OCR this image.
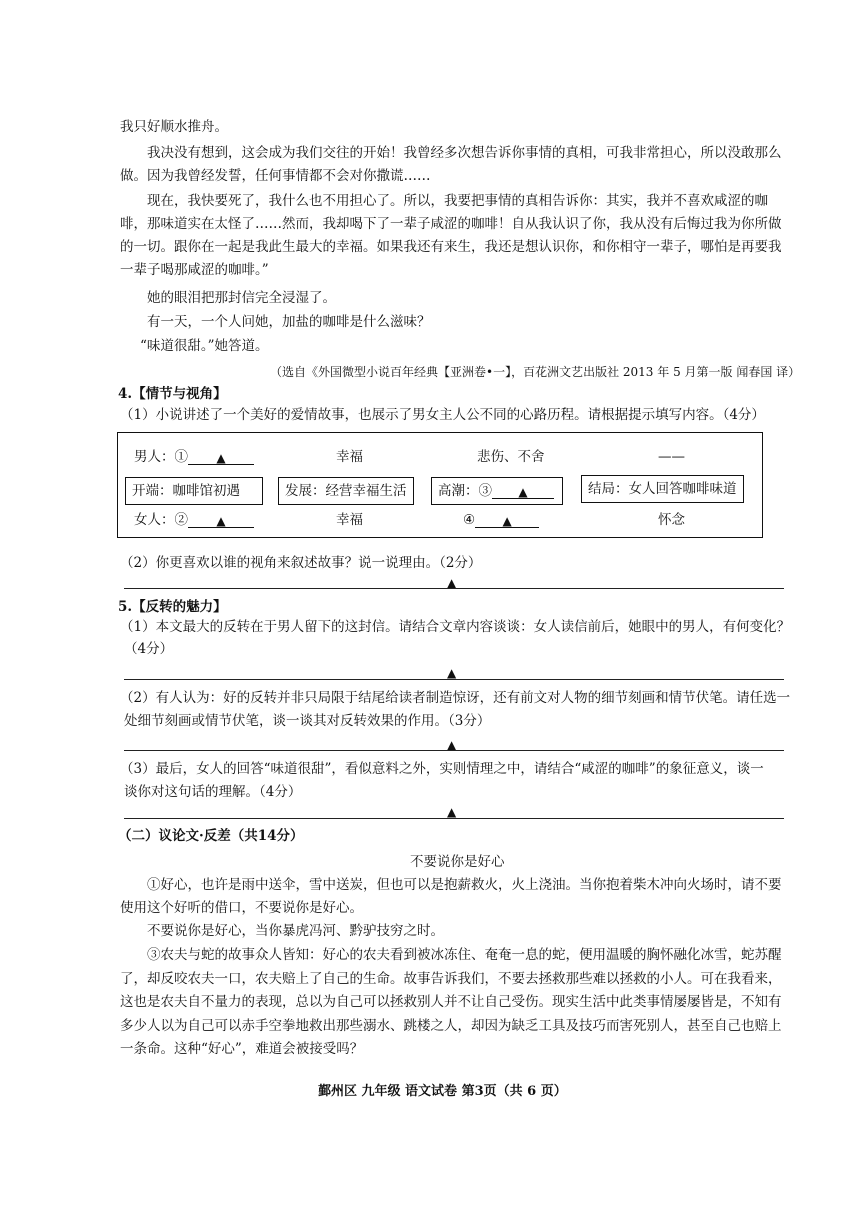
我只好顺水推舟。
我决没有想到，这会成为我们交往的开始！我曾经多次想告诉你事情的真相，可我非常担心，所以没敢那么做。因为我曾经发誓，任何事情都不会对你撒谎……
现在，我快要死了，我什么也不用担心了。所以，我要把事情的真相告诉你：其实，我并不喜欢咸涩的咖啡，那味道实在太怪了……然而，我却喝下了一辈子咸涩的咖啡！自从我认识了你，我从没有后悔过我为你所做的一切。跟你在一起是我此生最大的幸福。如果我还有来生，我还是想认识你，和你相守一辈子，哪怕是再要我一辈子喝那咸涩的咖啡。”
她的眼泪把那封信完全浸湿了。
有一天，一个人问她，加盐的咖啡是什么滋味？
“味道很甜。”她答道。
（选自《外国微型小说百年经典【亚洲卷•一】，百花洲文艺出版社 2013 年 5 月第一版 闻春国 译）
4.【情节与视角】
（1）小说讲述了一个美好的爱情故事，也展示了男女主人公不同的心路历程。请根据提示填写内容。（4分）
男人：① ▲	幸福	悲伤、不舍	——
开端：咖啡馆初遇	发展：经营幸福生活	高潮：③ ▲	结局：女人回答咖啡味道
女人：② ▲	幸福	④ ▲	怀念
（2）你更喜欢以谁的视角来叙述故事？说一说理由。（2分）
▲
5.【反转的魅力】
（1）本文最大的反转在于男人留下的这封信。请结合文章内容谈谈：女人读信前后，她眼中的男人，有何变化？
（4分）
▲
（2）有人认为：好的反转并非只局限于结尾给读者制造惊讶，还有前文对人物的细节刻画和情节伏笔。请任选一
处细节刻画或情节伏笔，谈一谈其对反转效果的作用。（3分）
▲
（3）最后，女人的回答“味道很甜”，看似意料之外，实则情理之中，请结合“咸涩的咖啡”的象征意义，谈一
谈你对这句话的理解。（4分）
▲
（二）议论文·反差（共14分）
不要说你是好心
①好心，也许是雨中送伞，雪中送炭，但也可以是抱薪救火，火上浇油。当你抱着柴木冲向火场时，请不要使用这个好听的借口，不要说你是好心。
不要说你是好心，当你暴虎冯河、黔驴技穷之时。
③农夫与蛇的故事众人皆知：好心的农夫看到被冰冻住、奄奄一息的蛇，便用温暖的胸怀融化冰雪，蛇苏醒了，却反咬农夫一口，农夫赔上了自己的生命。故事告诉我们，不要去拯救那些难以拯救的小人。可在我看来，这也是农夫自不量力的表现，总以为自己可以拯救别人并不让自己受伤。现实生活中此类事情屡屡皆是，不知有多少人以为自己可以赤手空拳地救出那些溺水、跳楼之人，却因为缺乏工具及技巧而害死别人，甚至自己也赔上一条命。这种“好心”，难道会被接受吗？
鄞州区 九年级 语文试卷 第3页（共 6 页）
